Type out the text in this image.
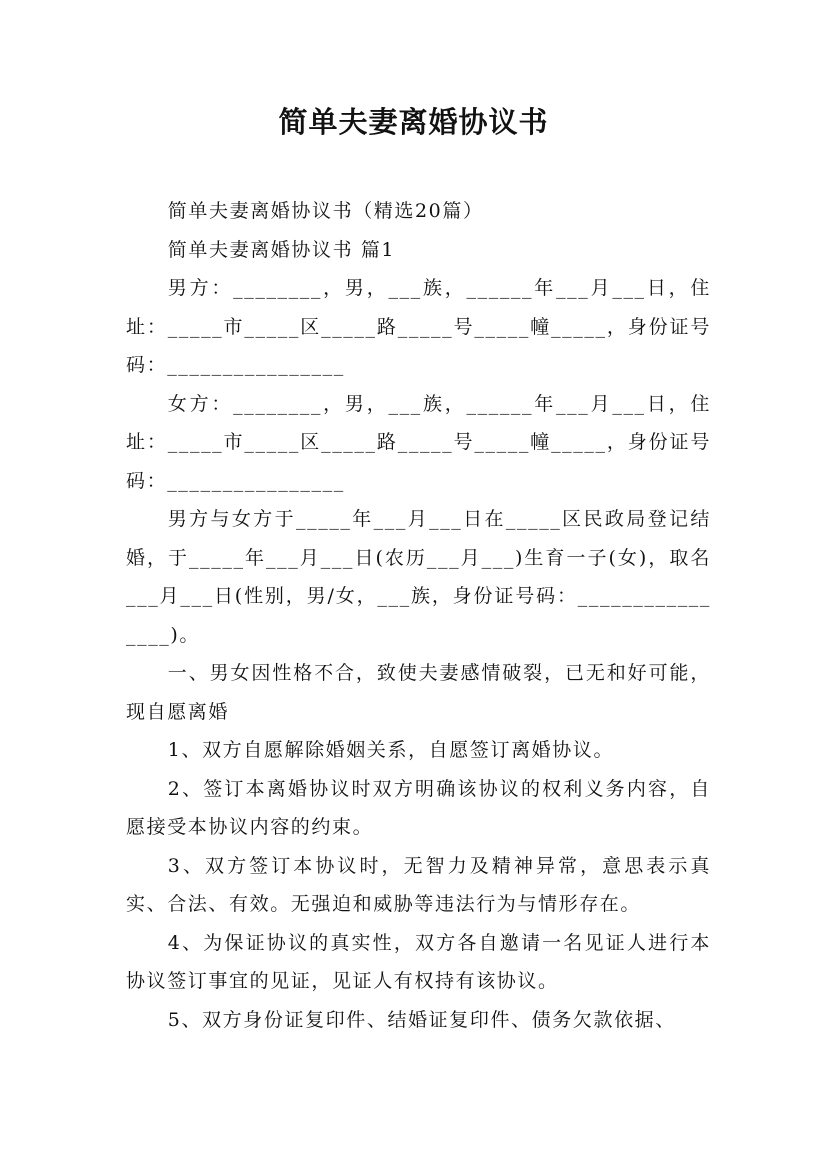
简单夫妻离婚协议书

简单夫妻离婚协议书（精选20篇）

简单夫妻离婚协议书 篇1

男方：________，男，___族，______年___月___日，住址：_____市_____区_____路_____号_____幢_____，身份证号码：________________

女方：________，男，___族，______年___月___日，住址：_____市_____区_____路_____号_____幢_____，身份证号码：________________

男方与女方于_____年___月___日在_____区民政局登记结婚，于_____年___月___日(农历___月___)生育一子(女)，取名___月___日(性别，男/女，___族，身份证号码：________________)。

一、男女因性格不合，致使夫妻感情破裂，已无和好可能，现自愿离婚

1、双方自愿解除婚姻关系，自愿签订离婚协议。

2、签订本离婚协议时双方明确该协议的权利义务内容，自愿接受本协议内容的约束。

3、双方签订本协议时，无智力及精神异常，意思表示真实、合法、有效。无强迫和威胁等违法行为与情形存在。

4、为保证协议的真实性，双方各自邀请一名见证人进行本协议签订事宜的见证，见证人有权持有该协议。

5、双方身份证复印件、结婚证复印件、债务欠款依据、
